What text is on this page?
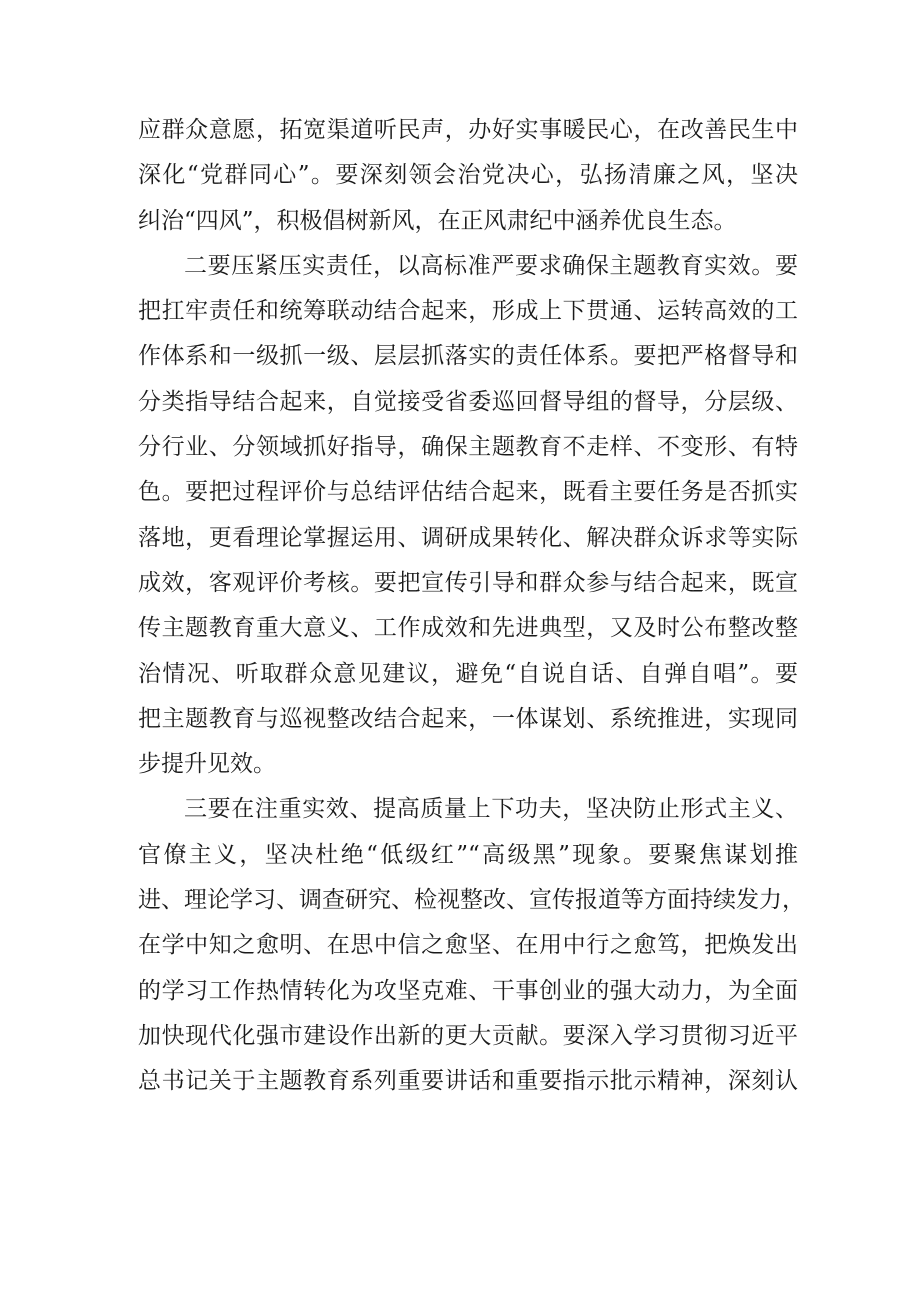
应群众意愿，拓宽渠道听民声，办好实事暖民心，在改善民生中
深化“党群同心”。要深刻领会治党决心，弘扬清廉之风，坚决
纠治“四风”，积极倡树新风，在正风肃纪中涵养优良生态。
二要压紧压实责任，以高标准严要求确保主题教育实效。要
把扛牢责任和统筹联动结合起来，形成上下贯通、运转高效的工
作体系和一级抓一级、层层抓落实的责任体系。要把严格督导和
分类指导结合起来，自觉接受省委巡回督导组的督导，分层级、
分行业、分领域抓好指导，确保主题教育不走样、不变形、有特
色。要把过程评价与总结评估结合起来，既看主要任务是否抓实
落地，更看理论掌握运用、调研成果转化、解决群众诉求等实际
成效，客观评价考核。要把宣传引导和群众参与结合起来，既宣
传主题教育重大意义、工作成效和先进典型，又及时公布整改整
治情况、听取群众意见建议，避免“自说自话、自弹自唱”。要
把主题教育与巡视整改结合起来，一体谋划、系统推进，实现同
步提升见效。
三要在注重实效、提高质量上下功夫，坚决防止形式主义、
官僚主义，坚决杜绝“低级红”“高级黑”现象。要聚焦谋划推
进、理论学习、调查研究、检视整改、宣传报道等方面持续发力，
在学中知之愈明、在思中信之愈坚、在用中行之愈笃，把焕发出
的学习工作热情转化为攻坚克难、干事创业的强大动力，为全面
加快现代化强市建设作出新的更大贡献。要深入学习贯彻习近平
总书记关于主题教育系列重要讲话和重要指示批示精神，深刻认
